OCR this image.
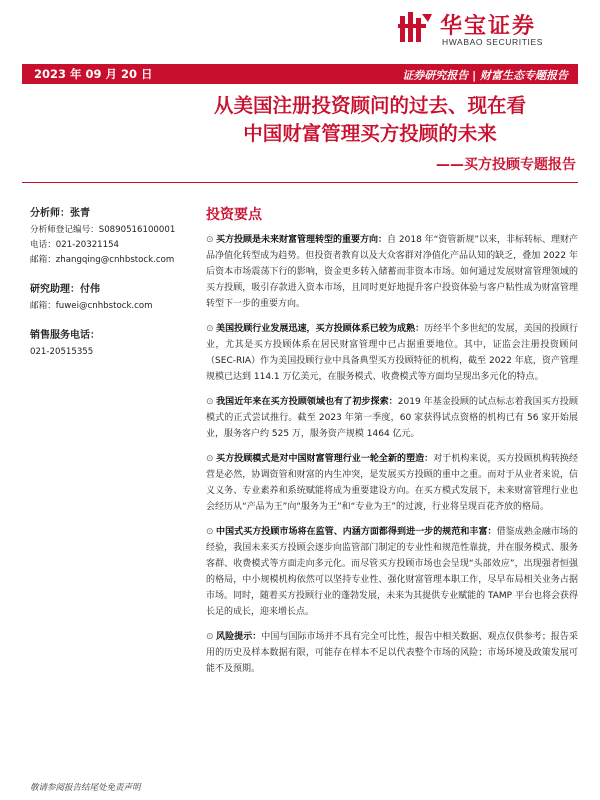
华宝证券
HWABAO SECURITIES
2023 年 09 月 20 日	证券研究报告 | 财富生态专题报告
从美国注册投资顾问的过去、现在看
中国财富管理买方投顾的未来
——买方投顾专题报告
分析师：张青
分析师登记编号：S0890516100001
电话：021-20321154
邮箱：zhangqing@cnhbstock.com
研究助理：付伟
邮箱：fuwei@cnhbstock.com
销售服务电话：
021-20515355
投资要点
⊙ 买方投顾是未来财富管理转型的重要方向：自 2018 年“资管新规”以来，非标转标、理财产品净值化转型成为趋势。但投资者教育以及大众客群对净值化产品认知的缺乏，叠加 2022 年后资本市场震荡下行的影响，资金更多转入储蓄而非资本市场。如何通过发展财富管理领域的买方投顾，吸引存款进入资本市场，且同时更好地提升客户投资体验与客户粘性成为财富管理转型下一步的重要方向。
⊙ 美国投顾行业发展迅速，买方投顾体系已较为成熟：历经半个多世纪的发展，美国的投顾行业，尤其是买方投顾体系在居民财富管理中已占据重要地位。其中，证监会注册投资顾问（SEC-RIA）作为美国投顾行业中具备典型买方投顾特征的机构，截至 2022 年底，资产管理规模已达到 114.1 万亿美元，在服务模式、收费模式等方面均呈现出多元化的特点。
⊙ 我国近年来在买方投顾领域也有了初步探索：2019 年基金投顾的试点标志着我国买方投顾模式的正式尝试推行。截至 2023 年第一季度，60 家获得试点资格的机构已有 56 家开始展业，服务客户约 525 万，服务资产规模 1464 亿元。
⊙ 买方投顾模式是对中国财富管理行业一轮全新的塑造：对于机构来说，买方投顾机构转换经营是必然，协调资管和财富的内生冲突，是发展买方投顾的重中之重。而对于从业者来说，信义义务、专业素养和系统赋能将成为重要建设方向。在买方模式发展下，未来财富管理行业也会经历从“产品为王”向“服务为王”和“专业为王”的过渡，行业将呈现百花齐放的格局。
⊙ 中国式买方投顾市场将在监管、内涵方面都得到进一步的规范和丰富：借鉴成熟金融市场的经验，我国未来买方投顾会逐步向监管部门制定的专业性和规范性靠拢，并在服务模式、服务客群、收费模式等方面走向多元化。而尽管买方投顾市场也会呈现“头部效应”，出现强者恒强的格局，中小规模机构依然可以坚持专业性、强化财富管理本职工作，尽早布局相关业务占据市场。同时，随着买方投顾行业的蓬勃发展，未来为其提供专业赋能的 TAMP 平台也将会获得长足的成长，迎来增长点。
⊙ 风险提示：中国与国际市场并不具有完全可比性，报告中相关数据、观点仅供参考；报告采用的历史及样本数据有限，可能存在样本不足以代表整个市场的风险；市场环境及政策发展可能不及预期。
敬请参阅报告结尾处免责声明
